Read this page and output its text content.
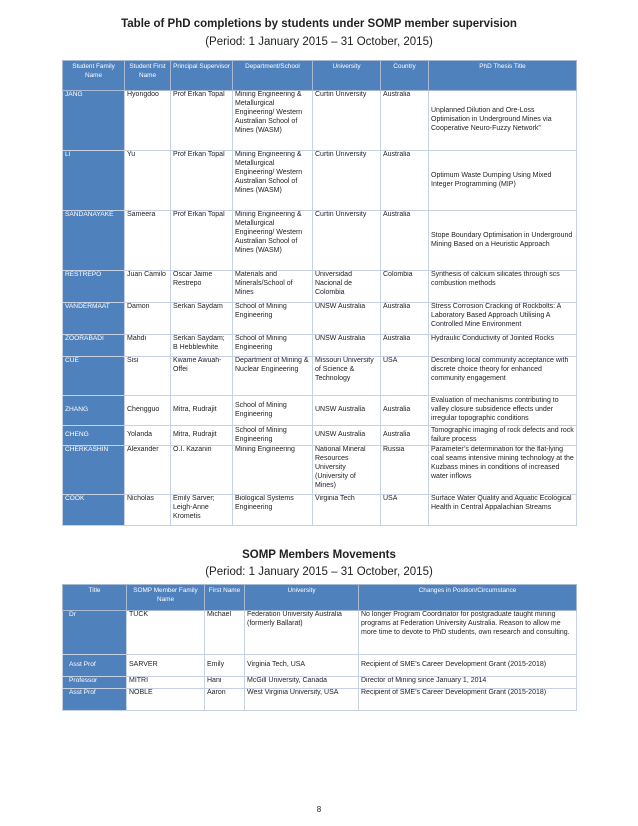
Table of PhD completions by students under SOMP member supervision
(Period: 1 January 2015 – 31 October, 2015)
Student Family Name	Student First Name	Principal Supervisor	Department/School	University	Country	PhD Thesis Title
JANG	Hyongdoo	Prof Erkan Topal	Mining Engineering & Metallurgical Engineering/ Western Australian School of Mines (WASM)	Curtin University	Australia	Unplanned Dilution and Ore-Loss Optimisation in Underground Mines via Cooperative Neuro-Fuzzy Network”
LI	Yu	Prof Erkan Topal	Mining Engineering & Metallurgical Engineering/ Western Australian School of Mines (WASM)	Curtin University	Australia	Optimum Waste Dumping Using Mixed Integer Programming (MIP)
SANDANAYAKE	Sameera	Prof Erkan Topal	Mining Engineering & Metallurgical Engineering/ Western Australian School of Mines (WASM)	Curtin University	Australia	Stope Boundary Optimisation in Underground Mining Based on a Heuristic Approach
RESTREPO	Juan Camilo	Oscar Jaime Restrepo	Materials and Minerals/School of Mines	Universidad Nacional de Colombia	Colombia	Synthesis of calcium silicates through scs combustion methods
VANDERMAAT	Damon	Serkan Saydam	School of Mining Engineering	UNSW Australia	Australia	Stress Corrosion Cracking of Rockbolts: A Laboratory Based Approach Utilising A Controlled Mine Environment
ZOORABADI	Mahdi	Serkan Saydam; B Hebblewhite	School of Mining Engineering	UNSW Australia	Australia	Hydraulic Conductivity of Jointed Rocks
CUE	Sisi	Kwame Awuah-Offei	Department of Mining & Nuclear Engineering	Missouri University of Science & Technology	USA	Describing local community acceptance with discrete choice theory for enhanced community engagement
ZHANG	Chengguo	Mitra, Rudrajit	School of Mining Engineering	UNSW Australia	Australia	Evaluation of mechanisms contributing to valley closure subsidence effects under irregular topographic conditions
CHENG	Yolanda	Mitra, Rudrajit	School of Mining Engineering	UNSW Australia	Australia	Tomographic imaging of rock defects and rock failure process
CHERKASHIN	Alexander	O.I. Kazanin	Mining Engineering	National Mineral Resources University (University of Mines)	Russia	Parameter’s determination for the flat-lying coal seams intensive mining technology at the Kuzbass mines in conditions of increased water inflows
COOK	Nicholas	Emily Sarver; Leigh-Anne Krometis	Biological Systems Engineering	Virginia Tech	USA	Surface Water Quality and Aquatic Ecological Health in Central Appalachian Streams
SOMP Members Movements
(Period: 1 January 2015 – 31 October, 2015)
Title	SOMP Member Family Name	First Name	University	Changes in Position/Circumstance
Dr	TUCK	Michael	Federation University Australia (formerly Ballarat)	No longer Program Coordinator for postgraduate taught mining programs at Federation University Australia. Reason to allow me more time to devote to PhD students, own research and consulting.
Asst Prof	SARVER	Emily	Virginia Tech, USA	Recipient of SME’s Career Development Grant (2015-2018)
Professor	MITRI	Hani	McGill University, Canada	Director of Mining since January 1, 2014
Asst Prof	NOBLE	Aaron	West Virginia University, USA	Recipient of SME’s Career Development Grant (2015-2018)
8
